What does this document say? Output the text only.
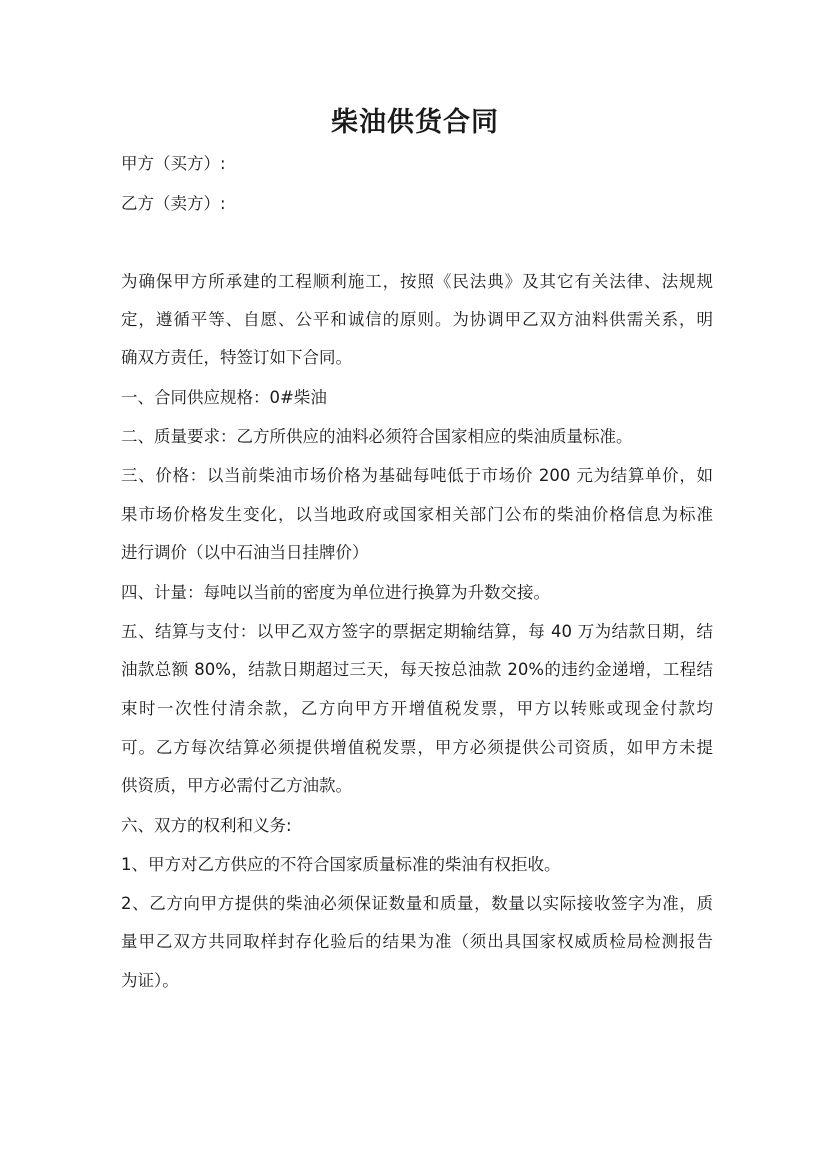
柴油供货合同
甲方（买方）:
乙方（卖方）:
为确保甲方所承建的工程顺利施工，按照《民法典》及其它有关法律、法规规
定，遵循平等、自愿、公平和诚信的原则。为协调甲乙双方油料供需关系，明
确双方责任，特签订如下合同。
一、合同供应规格：0#柴油
二、质量要求：乙方所供应的油料必须符合国家相应的柴油质量标准。
三、价格：以当前柴油市场价格为基础每吨低于市场价 200 元为结算单价，如
果市场价格发生变化，以当地政府或国家相关部门公布的柴油价格信息为标准
进行调价（以中石油当日挂牌价）
四、计量：每吨以当前的密度为单位进行换算为升数交接。
五、结算与支付：以甲乙双方签字的票据定期输结算，每 40 万为结款日期，结
油款总额 80%，结款日期超过三天，每天按总油款 20%的违约金递增，工程结
束时一次性付清余款，乙方向甲方开增值税发票，甲方以转账或现金付款均
可。乙方每次结算必须提供增值税发票，甲方必须提供公司资质，如甲方未提
供资质，甲方必需付乙方油款。
六、双方的权利和义务:
1、甲方对乙方供应的不符合国家质量标准的柴油有权拒收。
2、乙方向甲方提供的柴油必须保证数量和质量，数量以实际接收签字为准，质
量甲乙双方共同取样封存化验后的结果为准（须出具国家权威质检局检测报告
为证）。
